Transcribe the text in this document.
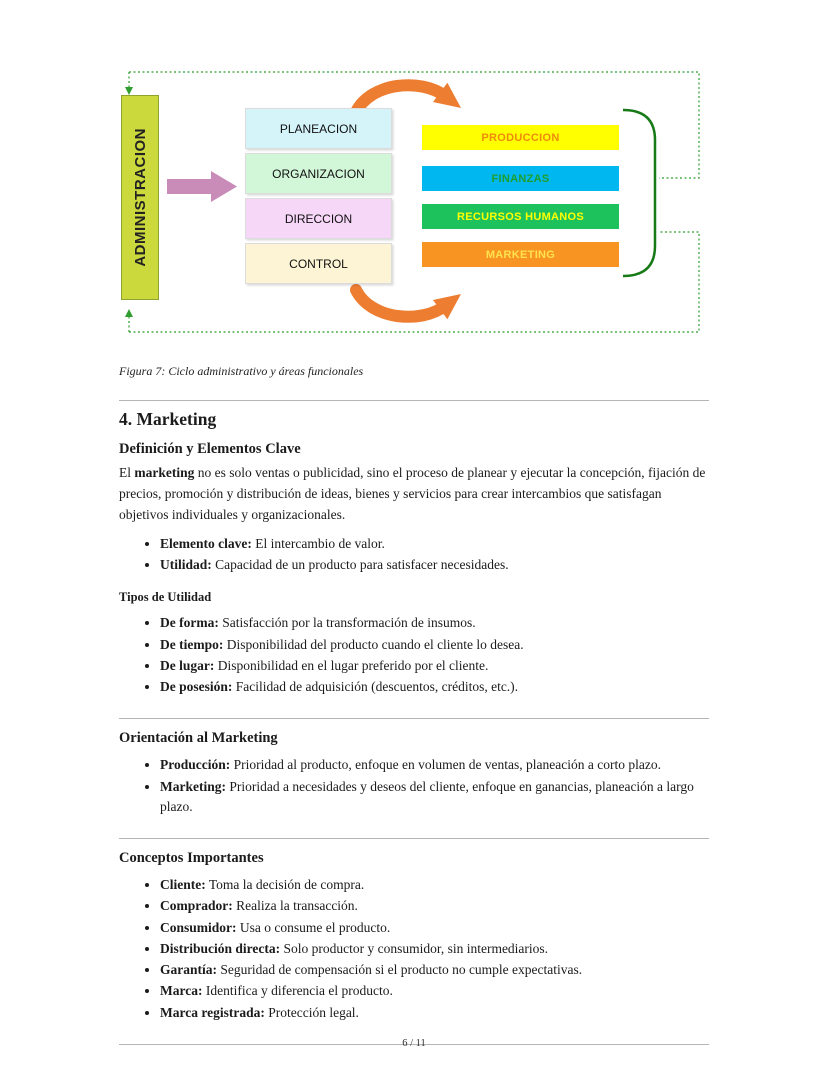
ADMINISTRACION	PLANEACION
ORGANIZACION
DIRECCION
CONTROL
PRODUCCION
FINANZAS
RECURSOS HUMANOS
MARKETING

Figura 7: Ciclo administrativo y áreas funcionales

4. Marketing
Definición y Elementos Clave

El marketing no es solo ventas o publicidad, sino el proceso de planear y ejecutar la concepción, fijación de precios, promoción y distribución de ideas, bienes y servicios para crear intercambios que satisfagan objetivos individuales y organizacionales.

• Elemento clave: El intercambio de valor.
• Utilidad: Capacidad de un producto para satisfacer necesidades.
Tipos de Utilidad
• De forma: Satisfacción por la transformación de insumos.
• De tiempo: Disponibilidad del producto cuando el cliente lo desea.
• De lugar: Disponibilidad en el lugar preferido por el cliente.
• De posesión: Facilidad de adquisición (descuentos, créditos, etc.).
Orientación al Marketing
• Producción: Prioridad al producto, enfoque en volumen de ventas, planeación a corto plazo.
• Marketing: Prioridad a necesidades y deseos del cliente, enfoque en ganancias, planeación a largo plazo.
Conceptos Importantes
• Cliente: Toma la decisión de compra.
• Comprador: Realiza la transacción.
• Consumidor: Usa o consume el producto.
• Distribución directa: Solo productor y consumidor, sin intermediarios.
• Garantía: Seguridad de compensación si el producto no cumple expectativas.
• Marca: Identifica y diferencia el producto.
• Marca registrada: Protección legal.
6 / 11
